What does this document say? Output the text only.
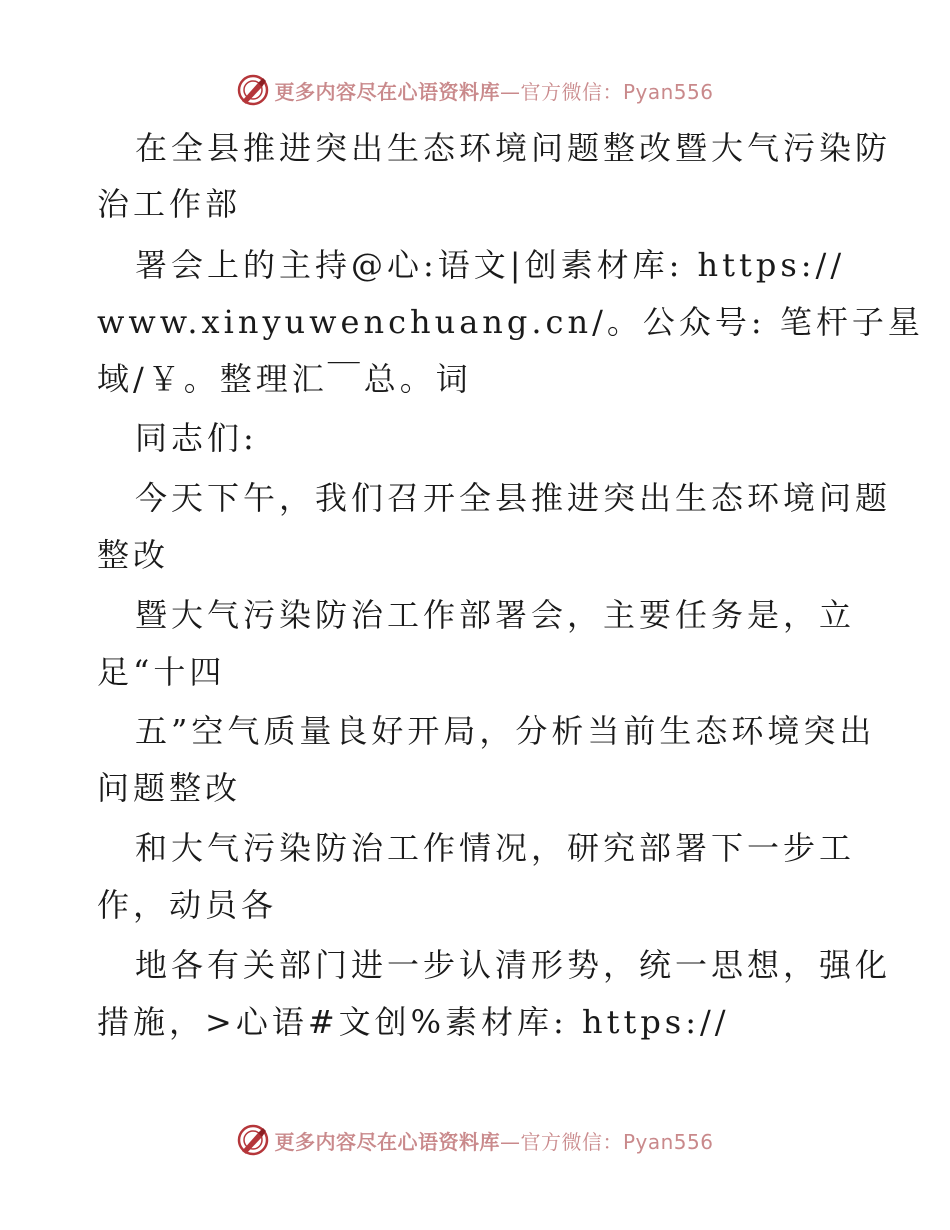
更多内容尽在心语资料库—官方微信：Pyan556
在全县推进突出生态环境问题整改暨大气污染防
治工作部
署会上的主持@心:语文|创素材库: https://
www.xinyuwenchuang.cn/。公众号: 笔杆子星
域/￥。整理汇￣总。词
同志们:
今天下午，我们召开全县推进突出生态环境问题
整改
暨大气污染防治工作部署会，主要任务是，立
足“十四
五”空气质量良好开局，分析当前生态环境突出
问题整改
和大气污染防治工作情况，研究部署下一步工
作，动员各
地各有关部门进一步认清形势，统一思想，强化
措施，>心语#文创%素材库: https://
更多内容尽在心语资料库—官方微信：Pyan556
